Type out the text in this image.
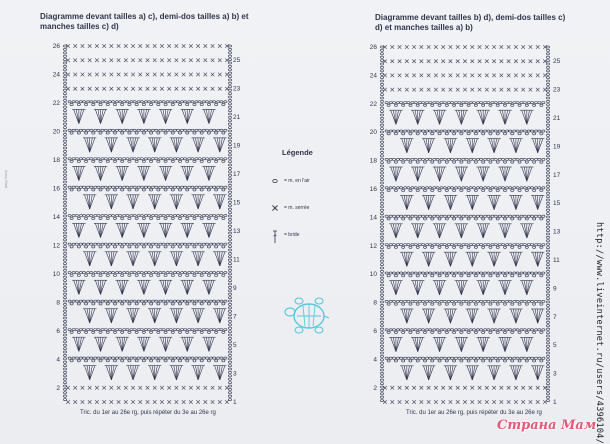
Anny Blatt
Diagramme devant tailles a) c), demi-dos tailles a) b) et manches tailles c) d)
Diagramme devant tailles b) d), demi-dos tailles c) d) et manches tailles a) b)
26
24
22
20
18
16
14
12
10
8
6
4
2
25
23
21
19
17
15
13
11
9
7
5
3
1
26
24
22
20
18
16
14
12
10
8
6
4
2
25
23
21
19
17
15
13
11
9
7
5
3
1
Légende
= m. en l'air
= m. serrée
= bride
Tric. du 1er au 26e rg, puis répéter du 3e au 26e rg	Tric. du 1er au 26e rg, puis répéter du 3e au 26e rg	http://www.liveinternet.ru/users/4396104/
Страна Мам
